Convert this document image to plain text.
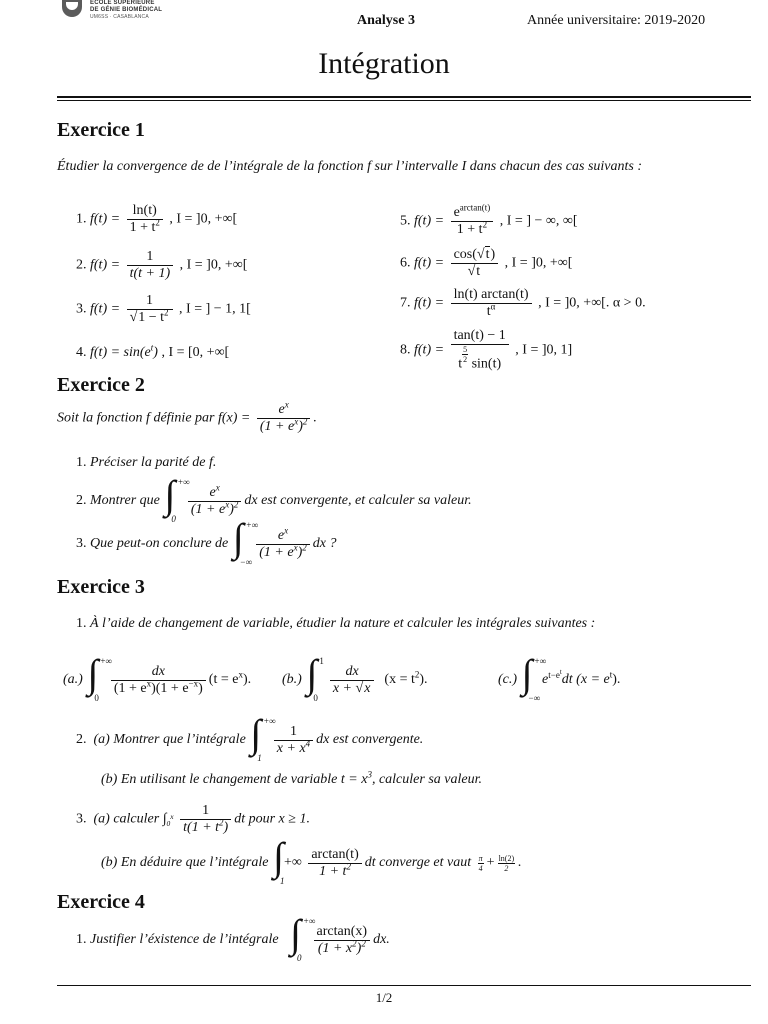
ÉCOLE SUPÉRIEURE
DE GÉNIE BIOMÉDICAL
UM6SS · CASABLANCA	Analyse 3	Année universitaire: 2019-2020
Intégration
Exercice 1
Étudier la convergence de de l’intégrale de la fonction f sur l’intervalle I dans chacun des cas suivants :
1. $f(t) = \frac{\ln(t)}{1 + t^2}$ , I = ]0, +∞[
2. $f(t) = \frac{1}{t(t + 1)}$ , I = ]0, +∞[
3. $f(t) = \frac{1}{√1 - t^2}$ , I = ] − 1, 1[
4. $f(t) = \sin(e^t)$ , I = [0, +∞[
5. $f(t) = \frac{e^{arctan(t)}}{1 + t^2}$ , I = ] − ∞, ∞[
6. $f(t) = \frac{\cos(√t)}{√t}$ , I = ]0, +∞[
7. $f(t) = \frac{\ln(t) \arctan(t)}{t^\alpha}$ , I = ]0, +∞[. α > 0.
8. f(t) = tan(t) − 1
t
$\frac{5}{2}$
sin(t) , I = ]0, 1]
Exercice 2
Soit la fonction f définie par $f(x) = \frac{e^x}{(1 + e^x)^2}$ .
1. Préciser la parité de f.
2. Montrer que ∫ +∞
0

$\frac{e^x}{(1 + e^x)^2}$ dx est convergente, et calculer sa valeur.
3. Que peut-on conclure de ∫ +∞
−∞

$\frac{e^x}{(1 + e^x)^2}$ dx ?
Exercice 3
1. À l’aide de changement de variable, étudier la nature et calculer les intégrales suivantes :
(a.) ∫ +∞
0

$\frac{dx}{(1 + e^x)(1 + e^{-x})} (t = e^x)$. (b.) ∫ 1
0

$\frac{dx}{x + √x} (x = t^2)$.	(c.) ∫ +∞
−∞
$e^{t-e^t}dt$ $(x = e^t)$.
2. (a) Montrer que l’intégrale ∫ +∞
1

$\frac{1}{x + x^4}$ dx est convergente.
(b) En utilisant le changement de variable $t = x^3$, calculer sa valeur.
3. (a) calculer $\int_0^x \frac{1}{t(1 + t^2)}$ dt pour x ≥ 1.
(b) En déduire que l’intégrale ∫
1
+∞ $\frac{\arctan(t)}{1 + t^2}$ dt converge et vaut $\frac{\pi}{4} + \frac{\ln(2)}{2}$ .
Exercice 4
1. Justifier l’éxistence de l’intégrale ∫ +∞
0

$\frac{\arctan(x)}{(1 + x^2)^2}$ dx.
1/2
